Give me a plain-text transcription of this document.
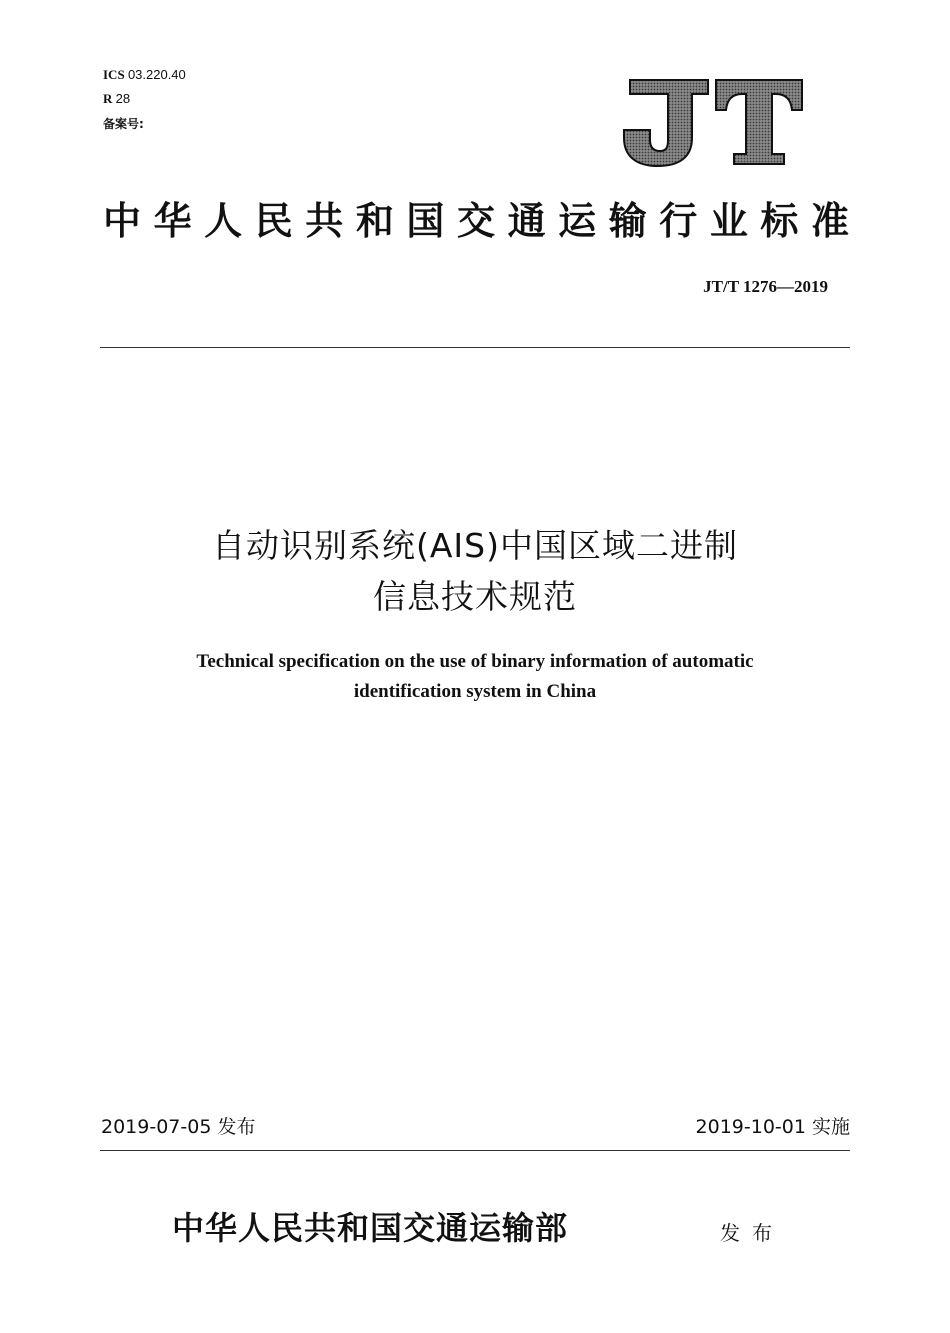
ICS 03.220.40
R 28
备案号:
中华人民共和国交通运输行业标准
JT/T 1276—2019
自动识别系统(AIS)中国区域二进制
信息技术规范
Technical specification on the use of binary information of automatic
identification system in China
2019-07-05 发布	2019-10-01 实施
中华人民共和国交通运输部	发布
